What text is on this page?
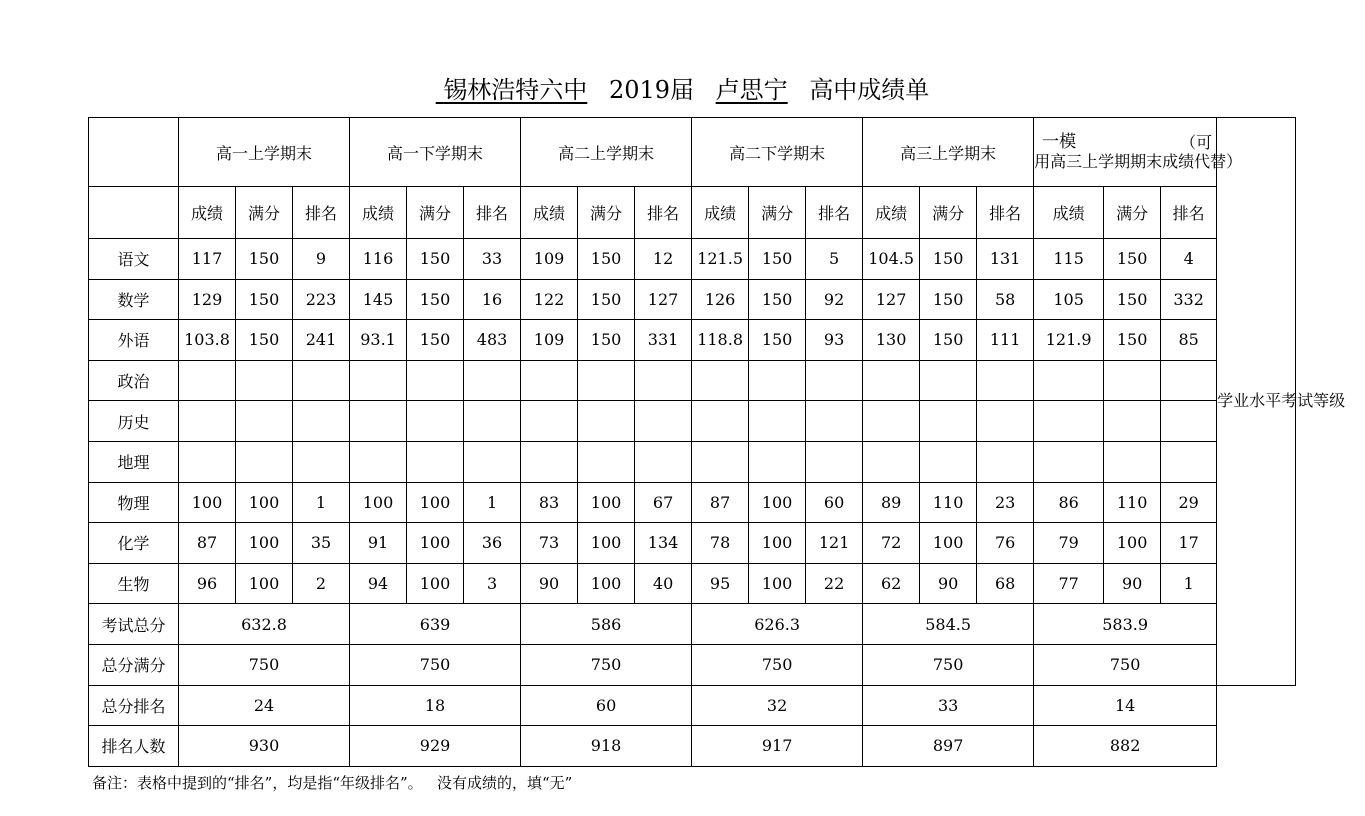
锡林浩特六中 2019届 卢思宁 高中成绩单
	高一上学期末			高一下学期末			高二上学期末			高二下学期末			高三上学期末			一模 （可
用高三上学期期末成绩代替）			学业水平考试等级
	成绩	满分	排名	成绩	满分	排名	成绩	满分	排名	成绩	满分	排名	成绩	满分	排名	成绩	满分	排名	
语文	117	150	9	116	150	33	109	150	12	121.5	150	5	104.5	150	131	115	150	4	
数学	129	150	223	145	150	16	122	150	127	126	150	92	127	150	58	105	150	332	
外语	103.8	150	241	93.1	150	483	109	150	331	118.8	150	93	130	150	111	121.9	150	85	
政治																			
历史																			
地理																			
物理	100	100	1	100	100	1	83	100	67	87	100	60	89	110	23	86	110	29	
化学	87	100	35	91	100	36	73	100	134	78	100	121	72	100	76	79	100	17	
生物	96	100	2	94	100	3	90	100	40	95	100	22	62	90	68	77	90	1	
考试总分	632.8			639			586			626.3			584.5			583.9			
总分满分	750			750			750			750			750			750			
总分排名	24			18			60			32			33			14			
排名人数	930			929			918			917			897			882			
备注：表格中提到的“排名”，均是指“年级排名”。   没有成绩的，填“无”
